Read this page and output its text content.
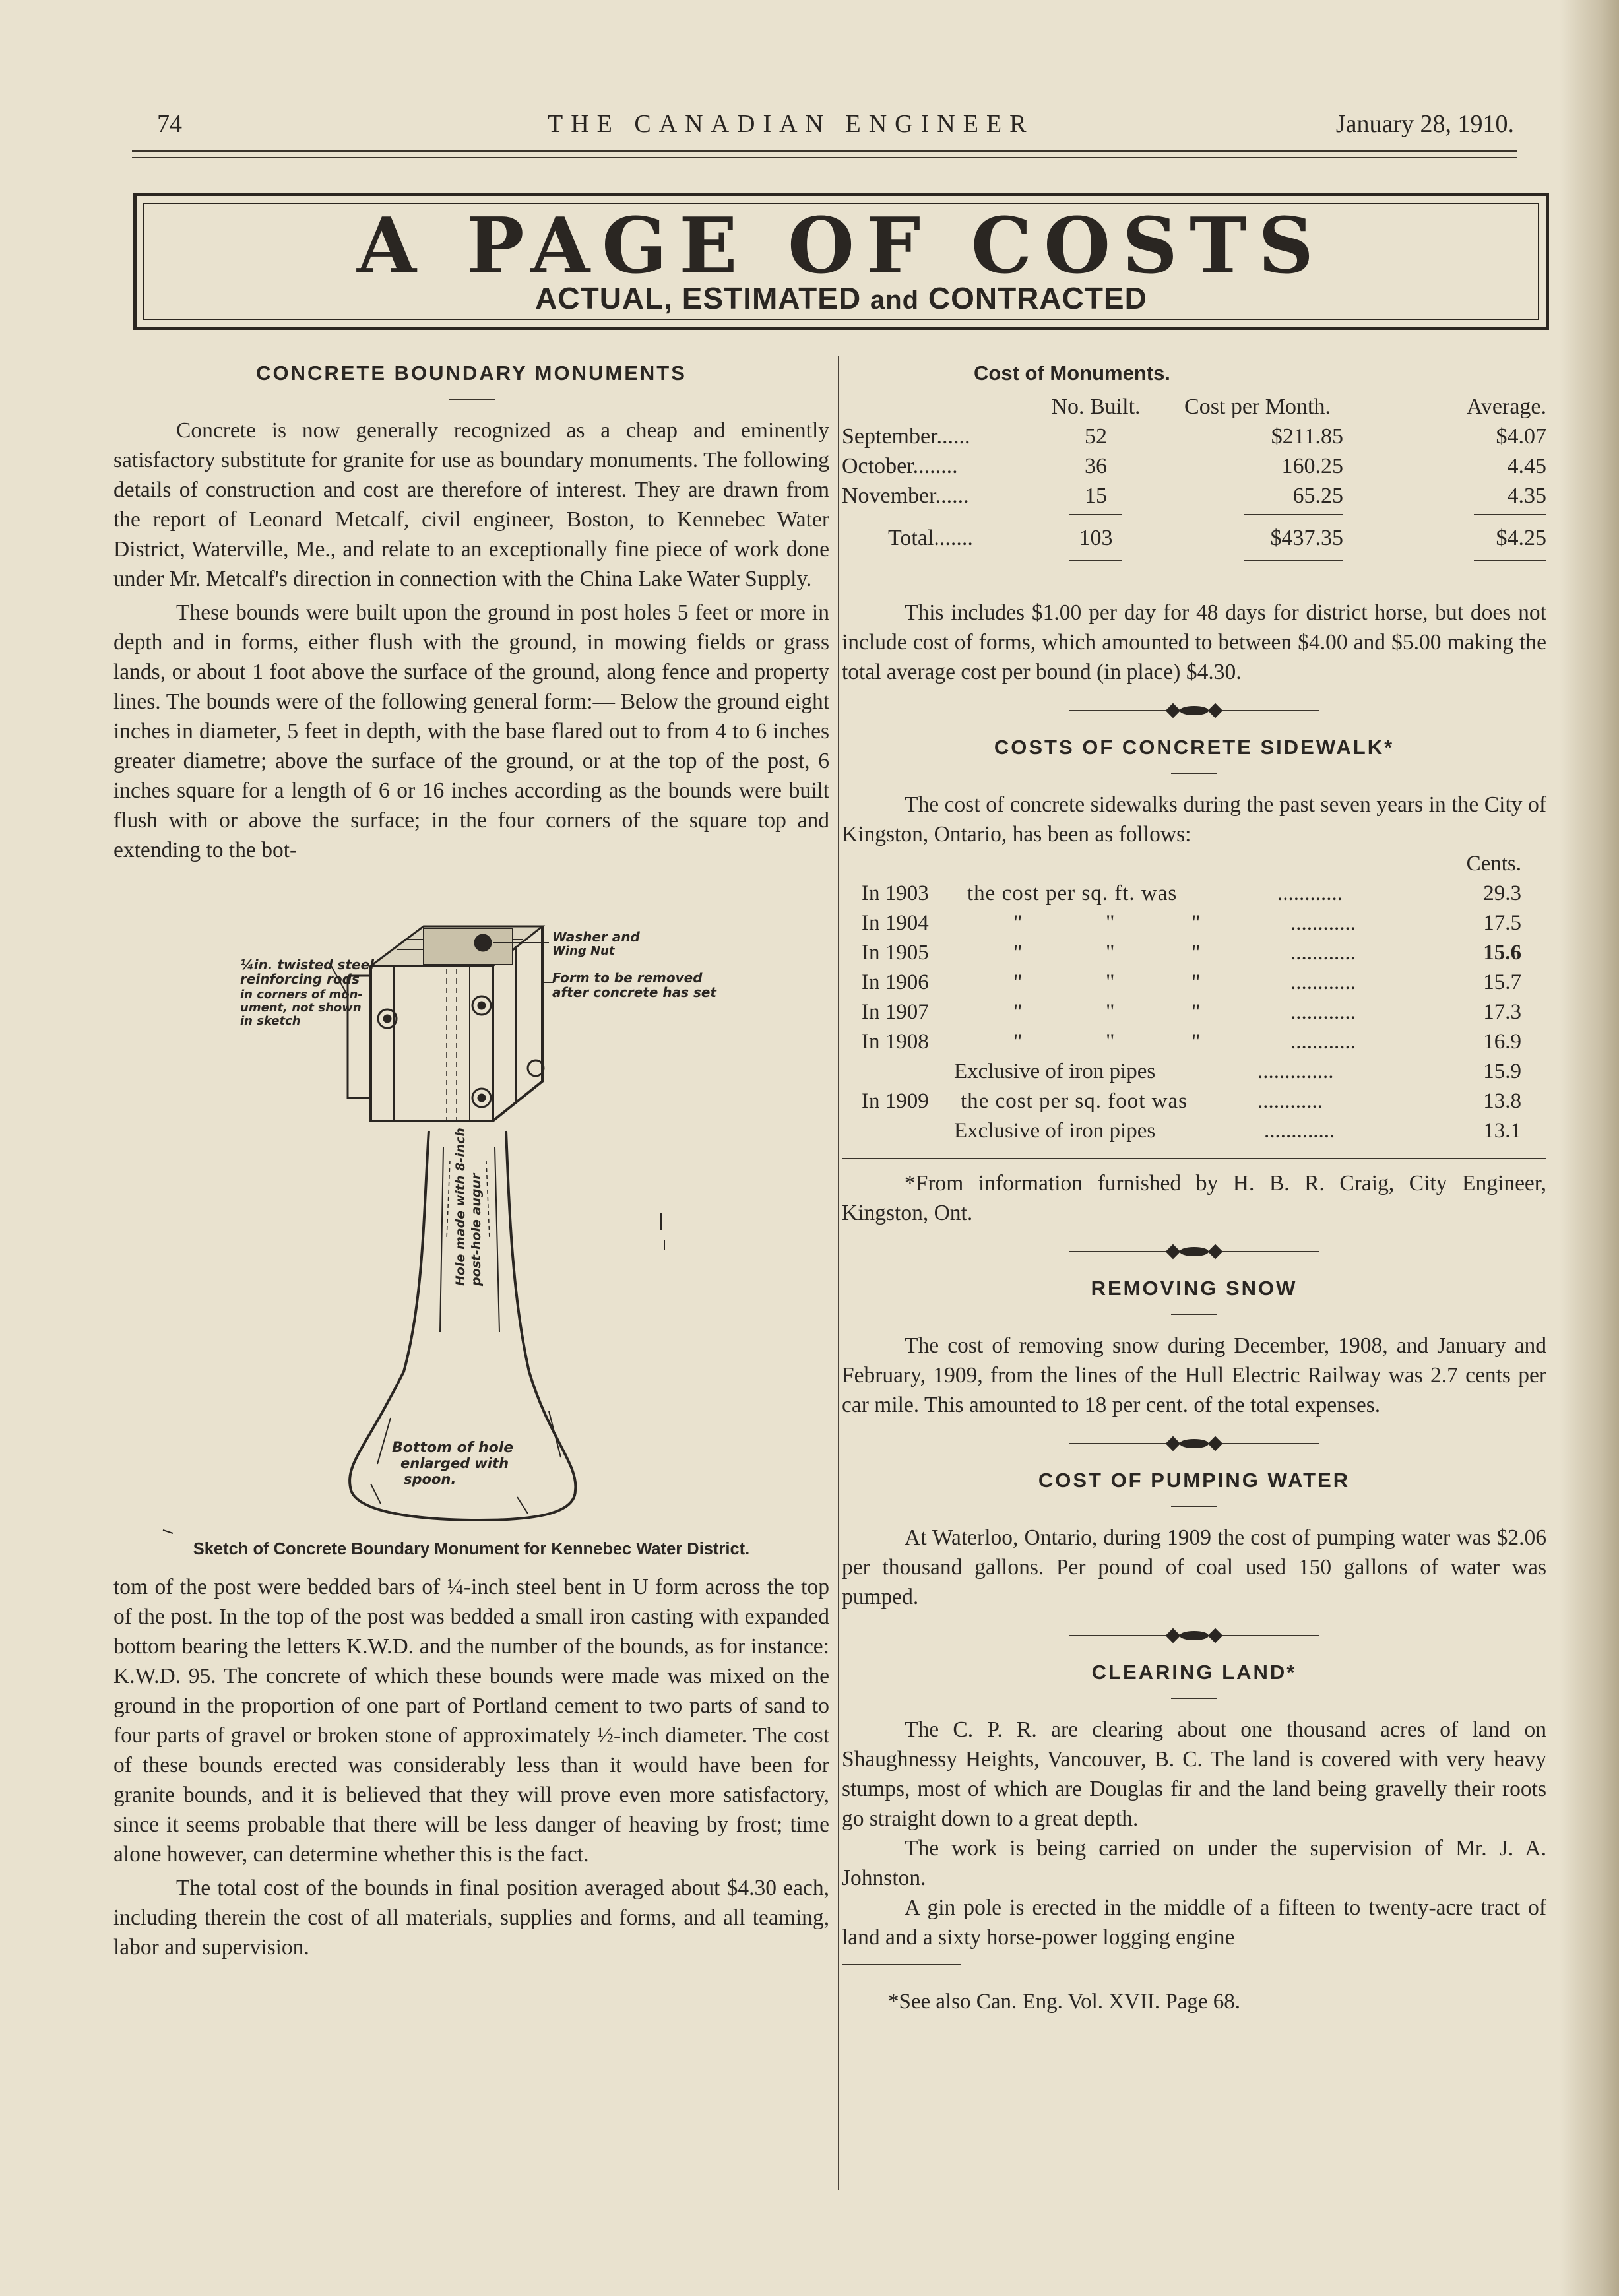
74	THE CANADIAN ENGINEER	January 28, 1910.
A PAGE OF COSTS
ACTUAL, ESTIMATED and CONTRACTED
CONCRETE BOUNDARY MONUMENTS

Concrete is now generally recognized as a cheap and eminently satisfactory substitute for granite for use as boundary monuments. The following details of construction and cost are therefore of interest. They are drawn from the report of Leonard Metcalf, civil engineer, Boston, to Kennebec Water District, Waterville, Me., and relate to an exceptionally fine piece of work done under Mr. Metcalf's direction in connection with the China Lake Water Supply.

These bounds were built upon the ground in post holes 5 feet or more in depth and in forms, either flush with the ground, in mowing fields or grass lands, or about 1 foot above the surface of the ground, along fence and property lines. The bounds were of the following general form:— Below the ground eight inches in diameter, 5 feet in depth, with the base flared out to from 4 to 6 inches greater diametre; above the surface of the ground, or at the top of the post, 6 inches square for a length of 6 or 16 inches according as the bounds were built flush with or above the surface; in the four corners of the square top and extending to the bot-

¼in. twisted steel
reinforcing rods
in corners of mon-
ument, not shown
in sketch
Washer and
Wing Nut
Form to be removed
after concrete has set
Hole made with 8-inch post-hole augur
Bottom of hole
enlarged with
spoon.

Sketch of Concrete Boundary Monument for Kennebec Water District.

tom of the post were bedded bars of ¼-inch steel bent in U form across the top of the post. In the top of the post was bedded a small iron casting with expanded bottom bearing the letters K.W.D. and the number of the bounds, as for instance: K.W.D. 95. The concrete of which these bounds were made was mixed on the ground in the proportion of one part of Portland cement to two parts of sand to four parts of gravel or broken stone of approximately ½-inch diameter. The cost of these bounds erected was considerably less than it would have been for granite bounds, and it is believed that they will prove even more satisfactory, since it seems probable that there will be less danger of heaving by frost; time alone however, can determine whether this is the fact.

The total cost of the bounds in final position averaged about $4.30 each, including therein the cost of all materials, supplies and forms, and all teaming, labor and supervision.

Cost of Monuments.

	No. Built.	Cost per Month.	Average.
September......	52	$211.85	$4.07
October........	36	160.25	4.45
November......	15	65.25	4.35

Total.......	103	$437.35	$4.25

This includes $1.00 per day for 48 days for district horse, but does not include cost of forms, which amounted to between $4.00 and $5.00 making the total average cost per bound (in place) $4.30.

COSTS OF CONCRETE SIDEWALK*

The cost of concrete sidewalks during the past seven years in the City of Kingston, Ontario, has been as follows:

Cents.
In 1903 the cost per sq. ft. was	............	29.3
In 1904	"	"	"	............	17.5
In 1905	"	"	"	............	15.6
In 1906	"	"	"	............	15.7
In 1907	"	"	"	............	17.3
In 1908	"	"	"	............	16.9
Exclusive of iron pipes	..............	15.9
In 1909 the cost per sq. foot was	............	13.8
Exclusive of iron pipes	.............	13.1

*From information furnished by H. B. R. Craig, City Engineer, Kingston, Ont.

REMOVING SNOW

The cost of removing snow during December, 1908, and January and February, 1909, from the lines of the Hull Electric Railway was 2.7 cents per car mile. This amounted to 18 per cent. of the total expenses.

COST OF PUMPING WATER

At Waterloo, Ontario, during 1909 the cost of pumping water was $2.06 per thousand gallons. Per pound of coal used 150 gallons of water was pumped.

CLEARING LAND*

The C. P. R. are clearing about one thousand acres of land on Shaughnessy Heights, Vancouver, B. C. The land is covered with very heavy stumps, most of which are Douglas fir and the land being gravelly their roots go straight down to a great depth.

The work is being carried on under the supervision of Mr. J. A. Johnston.

A gin pole is erected in the middle of a fifteen to twenty-acre tract of land and a sixty horse-power logging engine

*See also Can. Eng. Vol. XVII. Page 68.
